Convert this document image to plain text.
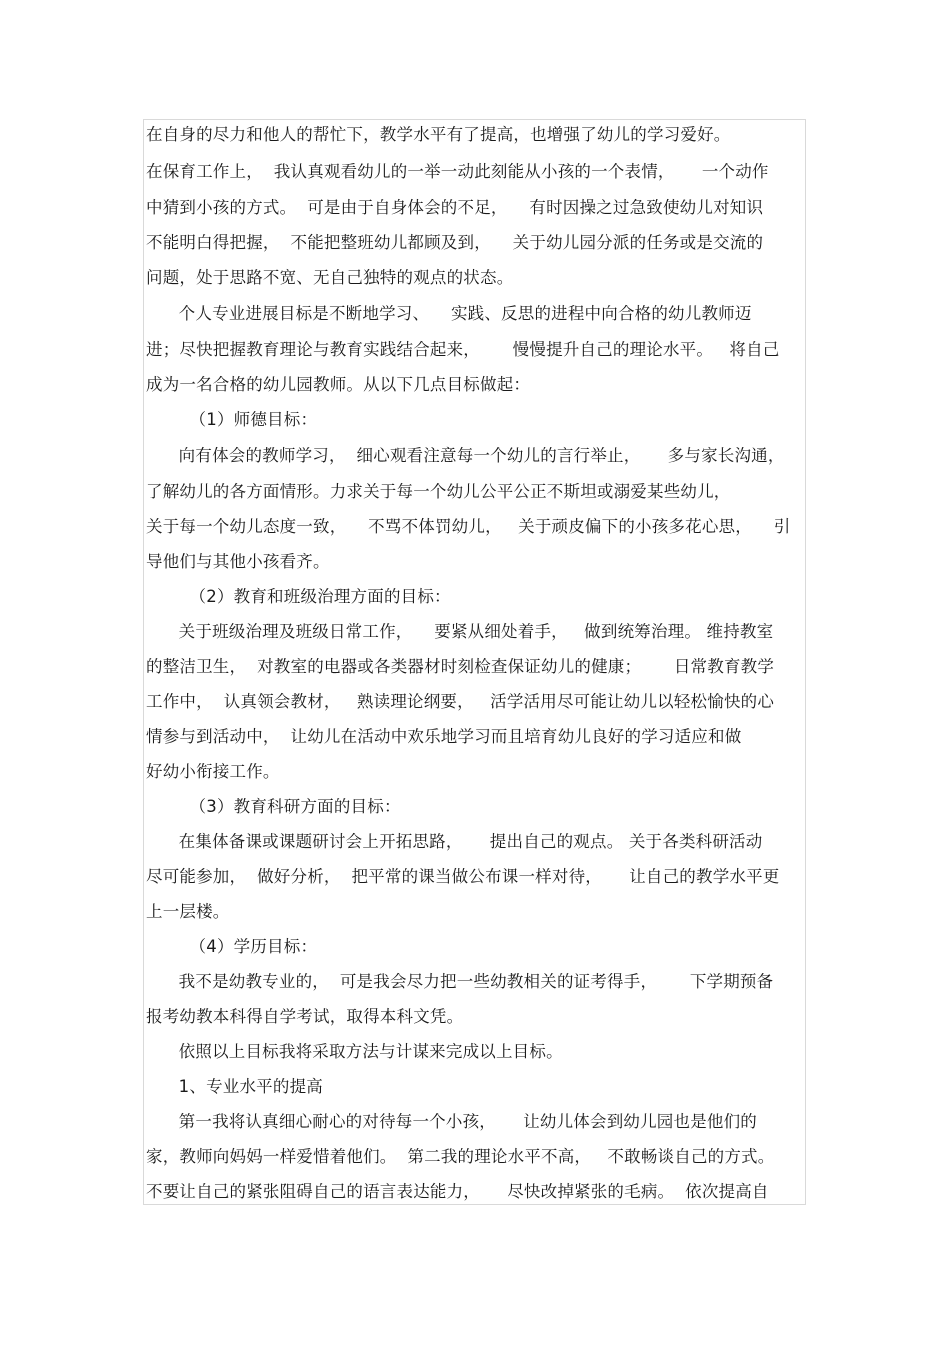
在自身的尽力和他人的帮忙下，教学水平有了提高，也增强了幼儿的学习爱好。
在保育工作上，  我认真观看幼儿的一举一动此刻能从小孩的一个表情，     一个动作
中猜到小孩的方式。  可是由于自身体会的不足，    有时因操之过急致使幼儿对知识
不能明白得把握，  不能把整班幼儿都顾及到，    关于幼儿园分派的任务或是交流的
问题，处于思路不宽、无自己独特的观点的状态。
个人专业进展目标是不断地学习、    实践、反思的进程中向合格的幼儿教师迈
进；尽快把握教育理论与教育实践结合起来，      慢慢提升自己的理论水平。   将自己
成为一名合格的幼儿园教师。从以下几点目标做起：
（1）师德目标：
向有体会的教师学习，  细心观看注意每一个幼儿的言行举止，     多与家长沟通，
了解幼儿的各方面情形。力求关于每一个幼儿公平公正不斯坦或溺爱某些幼儿，
关于每一个幼儿态度一致，    不骂不体罚幼儿，   关于顽皮偏下的小孩多花心思，    引
导他们与其他小孩看齐。
（2）教育和班级治理方面的目标：
关于班级治理及班级日常工作，    要紧从细处着手，   做到统筹治理。 维持教室
的整洁卫生，  对教室的电器或各类器材时刻检查保证幼儿的健康；      日常教育教学
工作中，  认真领会教材，   熟读理论纲要，   活学活用尽可能让幼儿以轻松愉快的心
情参与到活动中，  让幼儿在活动中欢乐地学习而且培育幼儿良好的学习适应和做
好幼小衔接工作。
（3）教育科研方面的目标：
在集体备课或课题研讨会上开拓思路，     提出自己的观点。 关于各类科研活动
尽可能参加，  做好分析，  把平常的课当做公布课一样对待，     让自己的教学水平更
上一层楼。
（4）学历目标：
我不是幼教专业的，  可是我会尽力把一些幼教相关的证考得手，      下学期预备
报考幼教本科得自学考试，取得本科文凭。
依照以上目标我将采取方法与计谋来完成以上目标。
1、专业水平的提高
第一我将认真细心耐心的对待每一个小孩，     让幼儿体会到幼儿园也是他们的
家，教师向妈妈一样爱惜着他们。  第二我的理论水平不高，   不敢畅谈自己的方式。
不要让自己的紧张阻碍自己的语言表达能力，     尽快改掉紧张的毛病。  依次提高自
